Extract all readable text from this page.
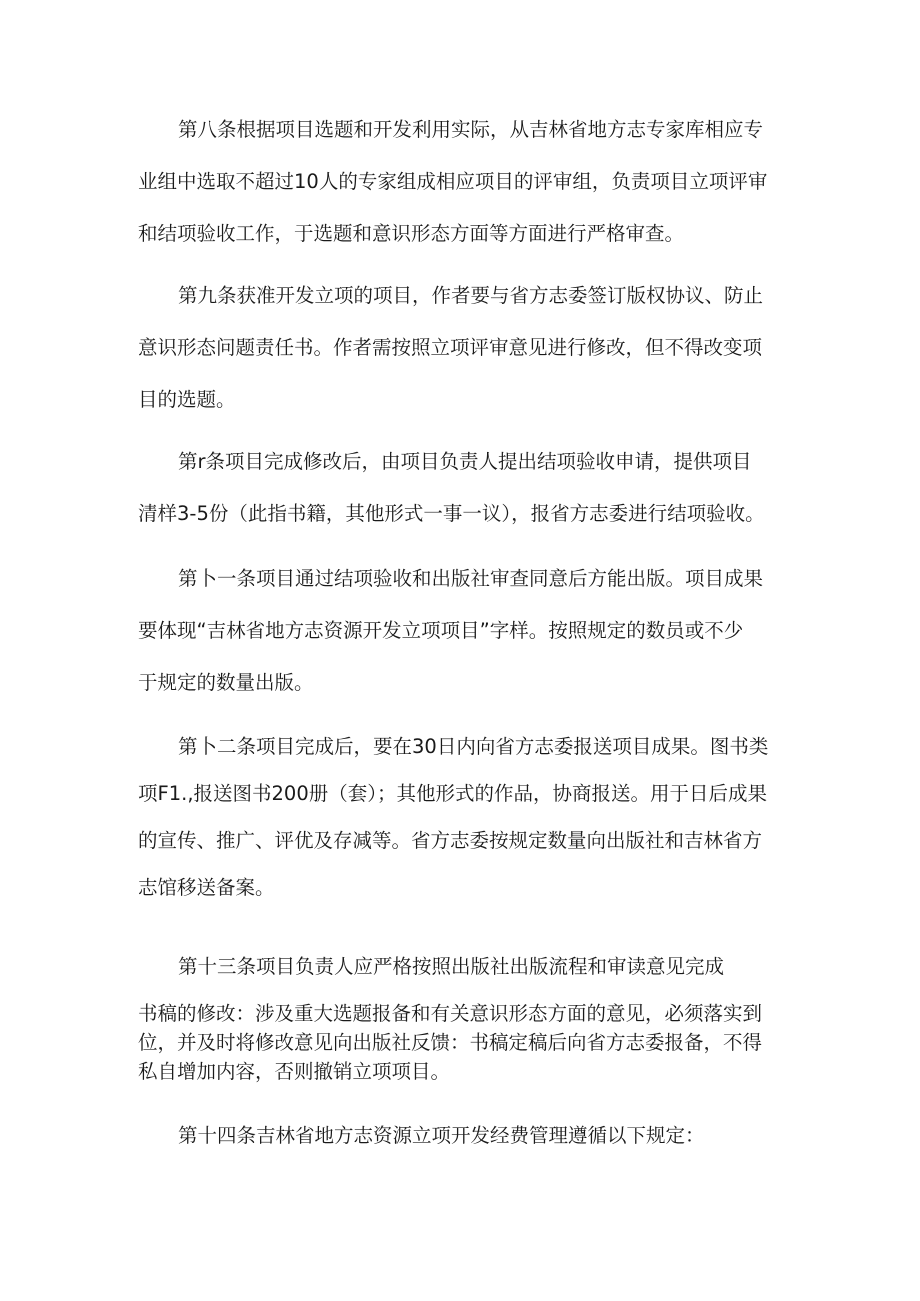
第八条根据项目选题和开发利用实际，从吉林省地方志专家库相应专
业组中选取不超过10人的专家组成相应项目的评审组，负责项目立项评审
和结项验收工作，于选题和意识形态方面等方面进行严格审查。
第九条获准开发立项的项目，作者要与省方志委签订版权协议、防止
意识形态问题责任书。作者需按照立项评审意见进行修改，但不得改变项
目的选题。
第r条项目完成修改后，由项目负责人提出结项验收申请，提供项目
清样3-5份（此指书籍，其他形式一事一议），报省方志委进行结项验收。
第卜一条项目通过结项验收和出版社审查同意后方能出版。项目成果
要体现“吉林省地方志资源开发立项项目”字样。按照规定的数员或不少
于规定的数量出版。
第卜二条项目完成后，要在30日内向省方志委报送项目成果。图书类
项F1.,报送图书200册（套）；其他形式的作品，协商报送。用于日后成果
的宣传、推广、评优及存减等。省方志委按规定数量向出版社和吉林省方
志馆移送备案。
第十三条项目负责人应严格按照出版社出版流程和审读意见完成
书稿的修改：涉及重大选题报备和有关意识形态方面的意见，必须落实到
位，并及时将修改意见向出版社反馈：书稿定稿后向省方志委报备，不得
私自增加内容，否则撤销立项项目。
第十四条吉林省地方志资源立项开发经费管理遵循以下规定：
